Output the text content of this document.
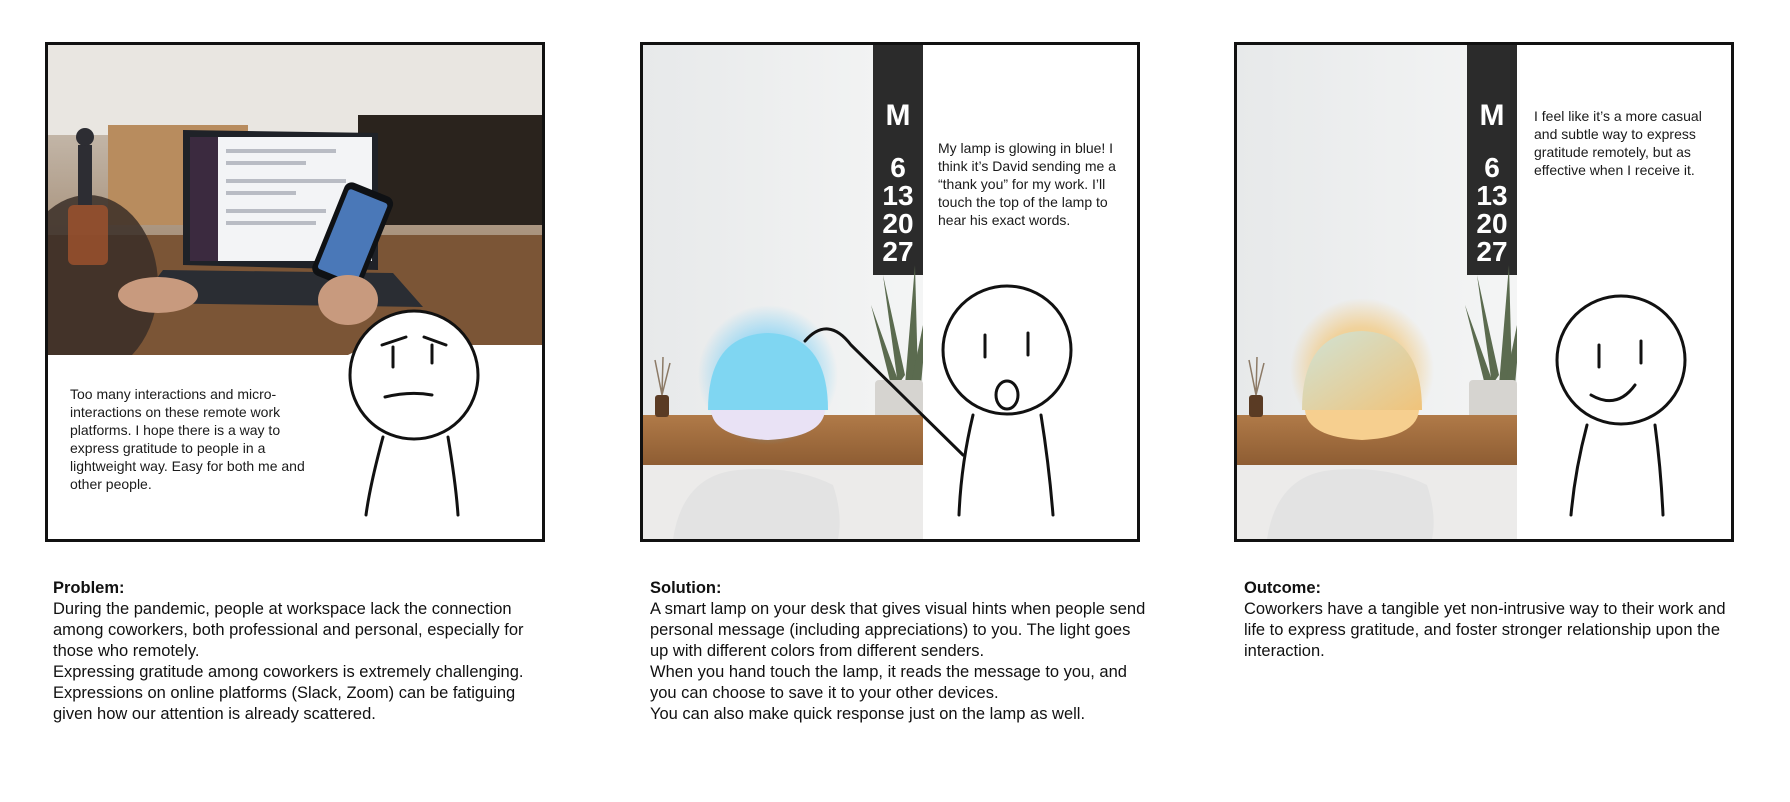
Too many interactions and micro-interactions on these remote work platforms. I hope there is a way to express gratitude to people in a lightweight way. Easy for both me and other people.

M
6
13
20
27

My lamp is glowing in blue! I think it’s David sending me a “thank you” for my work. I’ll touch the top of the lamp to hear his exact words.

M
6
13
20
27

I feel like it’s a more casual and subtle way to express gratitude remotely, but as effective when I receive it.

Problem:

During the pandemic, people at workspace lack the connection among coworkers, both professional and personal, especially for those who remotely.

Expressing gratitude among coworkers is extremely challenging. Expressions on online platforms (Slack, Zoom) can be fatiguing given how our attention is already scattered.

Solution:

A smart lamp on your desk that gives visual hints when people send personal message (including appreciations) to you. The light goes up with different colors from different senders.

When you hand touch the lamp, it reads the message to you, and you can choose to save it to your other devices.

You can also make quick response just on the lamp as well.

Outcome:

Coworkers have a tangible yet non-intrusive way to their work and life to express gratitude, and foster stronger relationship upon the interaction.
